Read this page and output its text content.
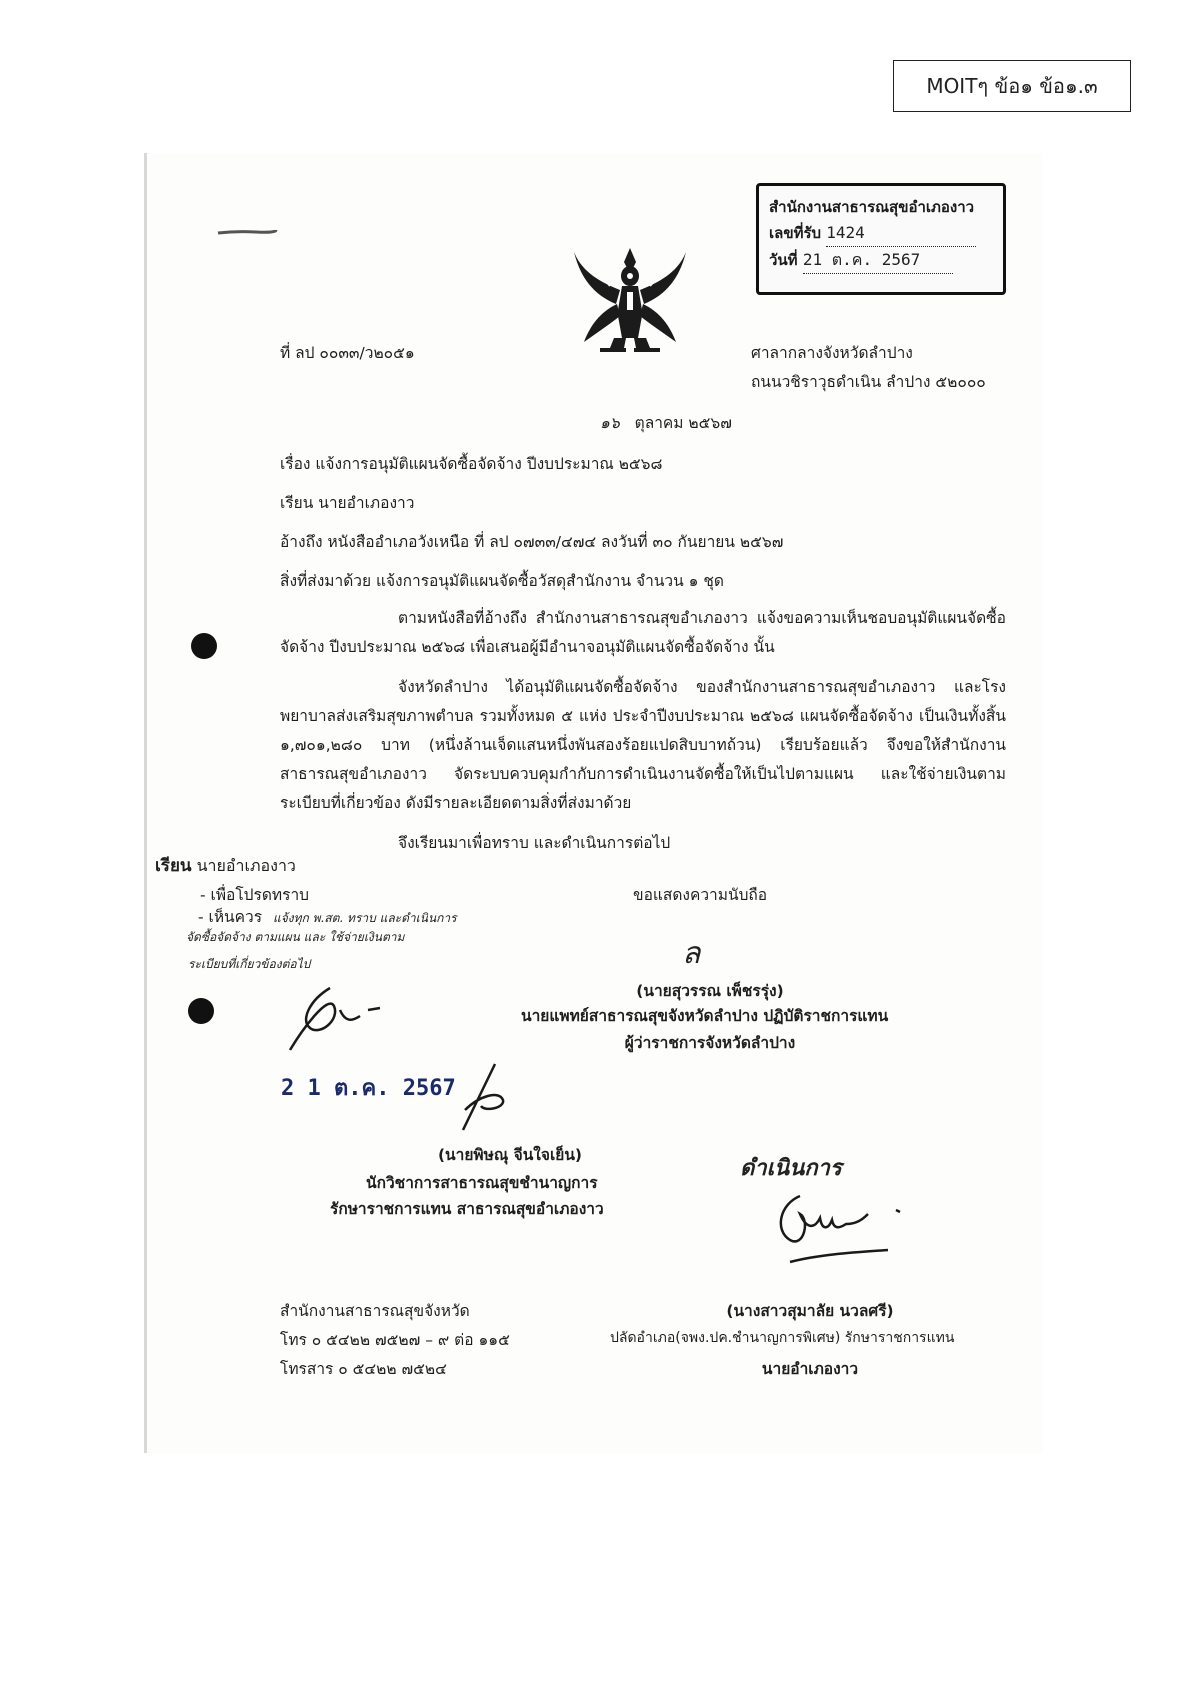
MOITๆ ข้อ๑ ข้อ๑.๓
สำนักงานสาธารณสุขอำเภองาว
เลขที่รับ 1424
วันที่ 21 ต.ค. 2567
ที่ ลป ๐๐๓๓/ว๒๐๕๑	ศาลากลางจังหวัดลำปาง
ถนนวชิราวุธดำเนิน ลำปาง ๕๒๐๐๐
๑๖ ตุลาคม ๒๕๖๗
เรื่อง แจ้งการอนุมัติแผนจัดซื้อจัดจ้าง ปีงบประมาณ ๒๕๖๘
เรียน นายอำเภองาว
อ้างถึง หนังสืออำเภอวังเหนือ ที่ ลป ๐๗๓๓/๔๗๔ ลงวันที่ ๓๐ กันยายน ๒๕๖๗
สิ่งที่ส่งมาด้วย แจ้งการอนุมัติแผนจัดซื้อวัสดุสำนักงาน จำนวน ๑ ชุด
ตามหนังสือที่อ้างถึง สำนักงานสาธารณสุขอำเภองาว แจ้งขอความเห็นชอบอนุมัติแผนจัดซื้อจัดจ้าง ปีงบประมาณ ๒๕๖๘ เพื่อเสนอผู้มีอำนาจอนุมัติแผนจัดซื้อจัดจ้าง นั้น
จังหวัดลำปาง ได้อนุมัติแผนจัดซื้อจัดจ้าง ของสำนักงานสาธารณสุขอำเภองาว และโรงพยาบาลส่งเสริมสุขภาพตำบล รวมทั้งหมด ๕ แห่ง ประจำปีงบประมาณ ๒๕๖๘ แผนจัดซื้อจัดจ้าง เป็นเงินทั้งสิ้น ๑,๗๐๑,๒๘๐ บาท (หนึ่งล้านเจ็ดแสนหนึ่งพันสองร้อยแปดสิบบาทถ้วน) เรียบร้อยแล้ว จึงขอให้สำนักงานสาธารณสุขอำเภองาว จัดระบบควบคุมกำกับการดำเนินงานจัดซื้อให้เป็นไปตามแผน และใช้จ่ายเงินตามระเบียบที่เกี่ยวข้อง ดังมีรายละเอียดตามสิ่งที่ส่งมาด้วย
จึงเรียนมาเพื่อทราบ และดำเนินการต่อไป
ขอแสดงความนับถือ
ล
(นายสุวรรณ เพ็ชรรุ่ง)
นายแพทย์สาธารณสุขจังหวัดลำปาง ปฏิบัติราชการแทน
ผู้ว่าราชการจังหวัดลำปาง
เรียน นายอำเภองาว
- เพื่อโปรดทราบ
- เห็นควร แจ้งทุก พ.สต. ทราบ และดำเนินการ
จัดซื้อจัดจ้าง ตามแผน และ ใช้จ่ายเงินตาม
ระเบียบที่เกี่ยวข้องต่อไป
2 1 ต.ค. 2567
(นายพิษณุ จีนใจเย็น)
นักวิชาการสาธารณสุขชำนาญการ
รักษาราชการแทน สาธารณสุขอำเภองาว
ดำเนินการ
(นางสาวสุมาลัย นวลศรี)
ปลัดอำเภอ(จพง.ปค.ชำนาญการพิเศษ) รักษาราชการแทน
นายอำเภองาว
สำนักงานสาธารณสุขจังหวัด
โทร ๐ ๕๔๒๒ ๗๕๒๗ – ๙ ต่อ ๑๑๕
โทรสาร ๐ ๕๔๒๒ ๗๕๒๔
